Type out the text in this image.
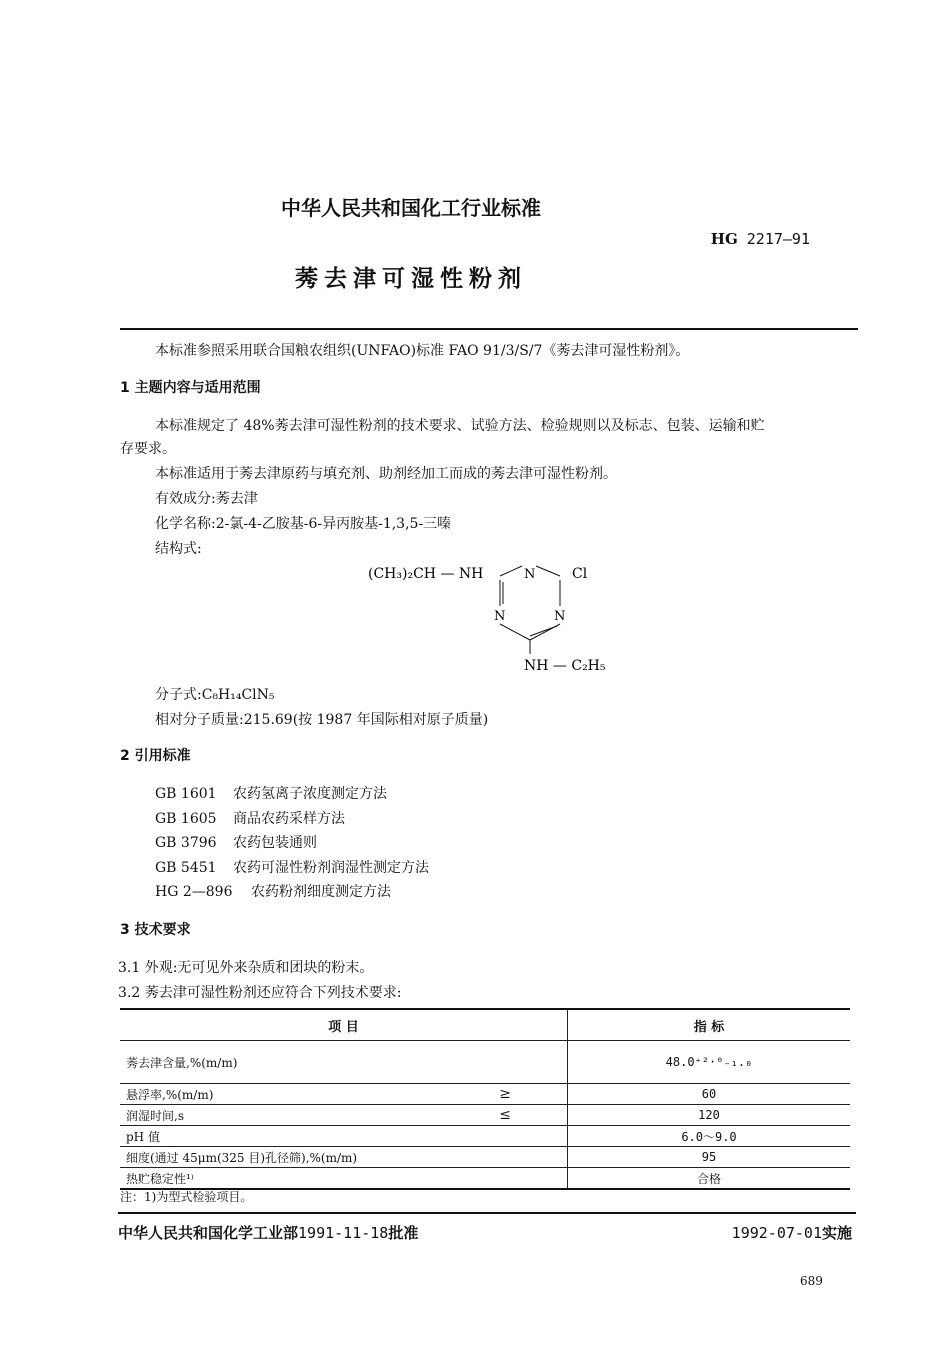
中华人民共和国化工行业标准
HG 2217—91
莠去津可湿性粉剂
本标准参照采用联合国粮农组织(UNFAO)标准 FAO 91/3/S/7《莠去津可湿性粉剂》。
1 主题内容与适用范围
本标准规定了 48%莠去津可湿性粉剂的技术要求、试验方法、检验规则以及标志、包装、运输和贮
存要求。
本标准适用于莠去津原药与填充剂、助剂经加工而成的莠去津可湿性粉剂。
有效成分:莠去津
化学名称:2-氯-4-乙胺基-6-异丙胺基-1,3,5-三嗪
结构式:
(CH₃)₂CH — NH	N	Cl
N	N
NH — C₂H₅
分子式:C₈H₁₄ClN₅
相对分子质量:215.69(按 1987 年国际相对原子质量)
2 引用标准
GB 1601 农药氢离子浓度测定方法
GB 1605 商品农药采样方法
GB 3796 农药包装通则
GB 5451 农药可湿性粉剂润湿性测定方法
HG 2—896 农药粉剂细度测定方法
3 技术要求
3.1 外观:无可见外来杂质和团块的粉末。
3.2 莠去津可湿性粉剂还应符合下列技术要求:
项 目	指 标
莠去津含量,%(m/m)	48.0⁺²·⁰₋₁.₀
悬浮率,%(m/m) ≥	60
润湿时间,s ≤	120
pH 值	6.0～9.0
细度(通过 45μm(325 目)孔径筛),%(m/m)	95
热贮稳定性¹⁾	合格
注：1)为型式检验项目。
中华人民共和国化学工业部1991-11-18批准	1992-07-01实施
689
